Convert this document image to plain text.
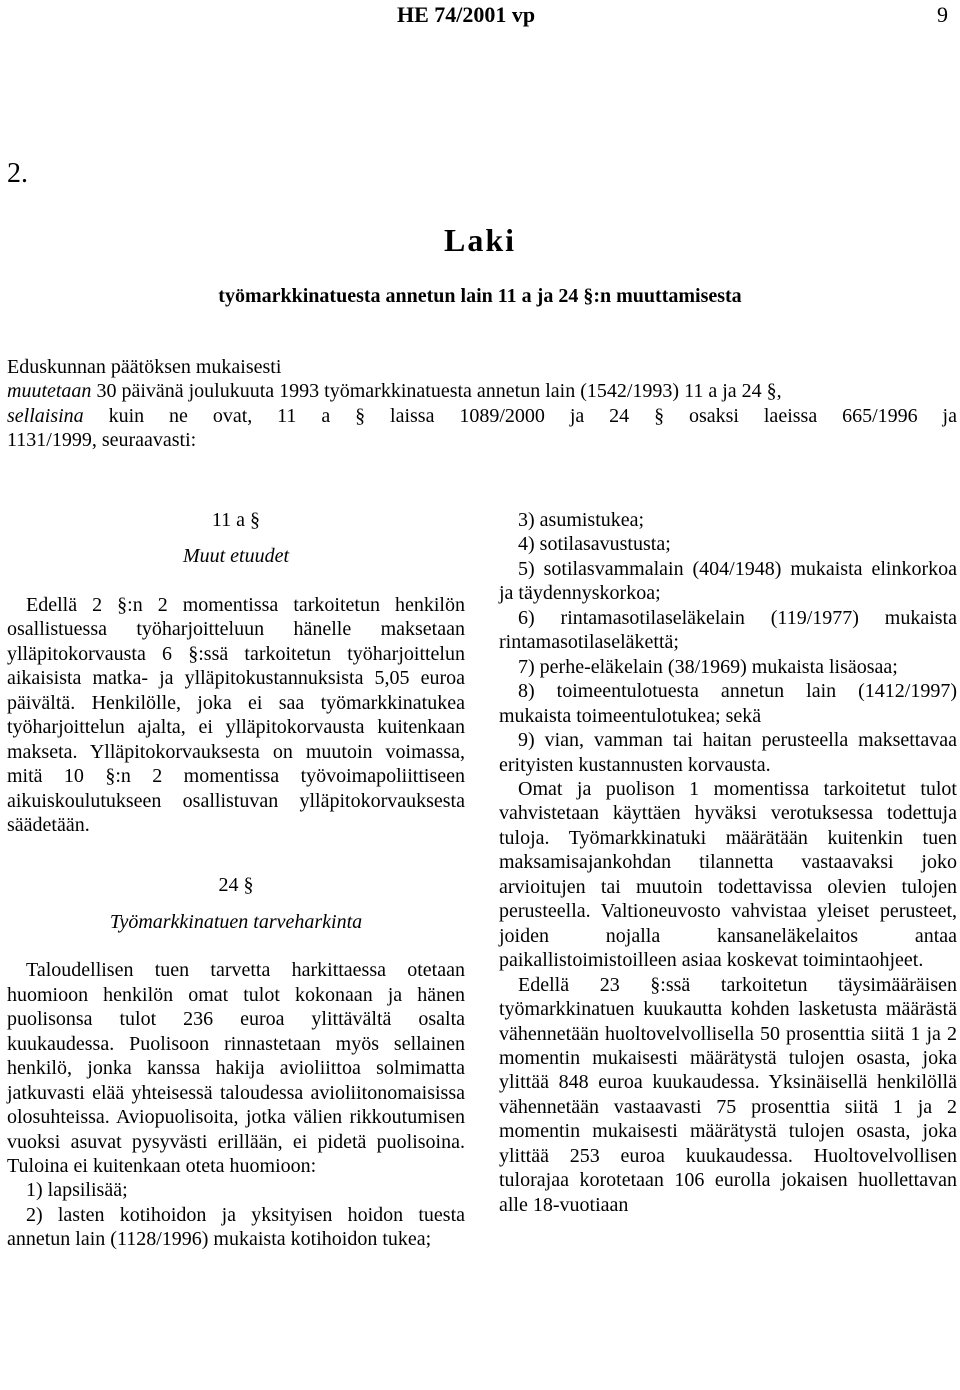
HE 74/2001 vp	9
2.
Laki
työmarkkinatuesta annetun lain 11 a ja 24 §:n muuttamisesta

Eduskunnan päätöksen mukaisesti

muutetaan 30 päivänä joulukuuta 1993 työmarkkinatuesta annetun lain (1542/1993) 11 a ja 24 §,

sellaisina kuin ne ovat, 11 a § laissa 1089/2000 ja 24 § osaksi laeissa 665/1996 ja

1131/1999, seuraavasti:

11 a §

Muut etuudet

Edellä 2 §:n 2 momentissa tarkoitetun henkilön osallistuessa työharjoitteluun hänelle maksetaan ylläpitokorvausta 6 §:ssä tarkoitetun työharjoittelun aikaisista matka- ja ylläpitokustannuksista 5,05 euroa päivältä. Henkilölle, joka ei saa työmarkkinatukea työharjoittelun ajalta, ei ylläpitokorvausta kuitenkaan makseta. Ylläpitokorvauksesta on muutoin voimassa, mitä 10 §:n 2 momentissa työvoimapoliittiseen aikuiskoulutukseen osallistuvan ylläpitokorvauksesta säädetään.

24 §

Työmarkkinatuen tarveharkinta

Taloudellisen tuen tarvetta harkittaessa otetaan huomioon henkilön omat tulot kokonaan ja hänen puolisonsa tulot 236 euroa ylittävältä osalta kuukaudessa. Puolisoon rinnastetaan myös sellainen henkilö, jonka kanssa hakija avioliittoa solmimatta jatkuvasti elää yhteisessä taloudessa avioliitonomaisissa olosuhteissa. Aviopuolisoita, jotka välien rikkoutumisen vuoksi asuvat pysyvästi erillään, ei pidetä puolisoina. Tuloina ei kuitenkaan oteta huomioon:

1) lapsilisää;

2) lasten kotihoidon ja yksityisen hoidon tuesta annetun lain (1128/1996) mukaista kotihoidon tukea;

3) asumistukea;

4) sotilasavustusta;

5) sotilasvammalain (404/1948) mukaista elinkorkoa ja täydennyskorkoa;

6) rintamasotilaseläkelain (119/1977) mukaista rintamasotilaseläkettä;

7) perhe-eläkelain (38/1969) mukaista lisäosaa;

8) toimeentulotuesta annetun lain (1412/1997) mukaista toimeentulotukea; sekä

9) vian, vamman tai haitan perusteella maksettavaa erityisten kustannusten korvausta.

Omat ja puolison 1 momentissa tarkoitetut tulot vahvistetaan käyttäen hyväksi verotuksessa todettuja tuloja. Työmarkkinatuki määrätään kuitenkin tuen maksamisajankohdan tilannetta vastaavaksi joko arvioitujen tai muutoin todettavissa olevien tulojen perusteella. Valtioneuvosto vahvistaa yleiset perusteet, joiden nojalla kansaneläkelaitos antaa paikallistoimistoilleen asiaa koskevat toimintaohjeet.

Edellä 23 §:ssä tarkoitetun täysimääräisen työmarkkinatuen kuukautta kohden lasketusta määrästä vähennetään huoltovelvollisella 50 prosenttia siitä 1 ja 2 momentin mukaisesti määrätystä tulojen osasta, joka ylittää 848 euroa kuukaudessa. Yksinäisellä henkilöllä vähennetään vastaavasti 75 prosenttia siitä 1 ja 2 momentin mukaisesti määrätystä tulojen osasta, joka ylittää 253 euroa kuukaudessa. Huoltovelvollisen tulorajaa korotetaan 106 eurolla jokaisen huollettavan alle 18-vuotiaan
